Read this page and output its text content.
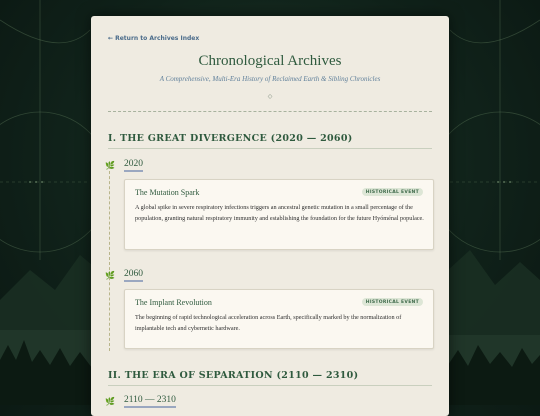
← Return to Archives Index
Chronological Archives
A Comprehensive, Multi-Era History of Reclaimed Earth & Sibling Chronicles
◇
I. THE GREAT DIVERGENCE (2020 — 2060)
🌿 2020
The Mutation Spark	HISTORICAL EVENT
A global spike in severe respiratory infections triggers an ancestral genetic mutation in a small percentage of the population, granting natural respiratory immunity and establishing the foundation for the future Hyóménal populace.
🌿 2060
The Implant Revolution	HISTORICAL EVENT
The beginning of rapid technological acceleration across Earth, specifically marked by the normalization of implantable tech and cybernetic hardware.
II. THE ERA OF SEPARATION (2110 — 2310)
🌿 2110 — 2310
